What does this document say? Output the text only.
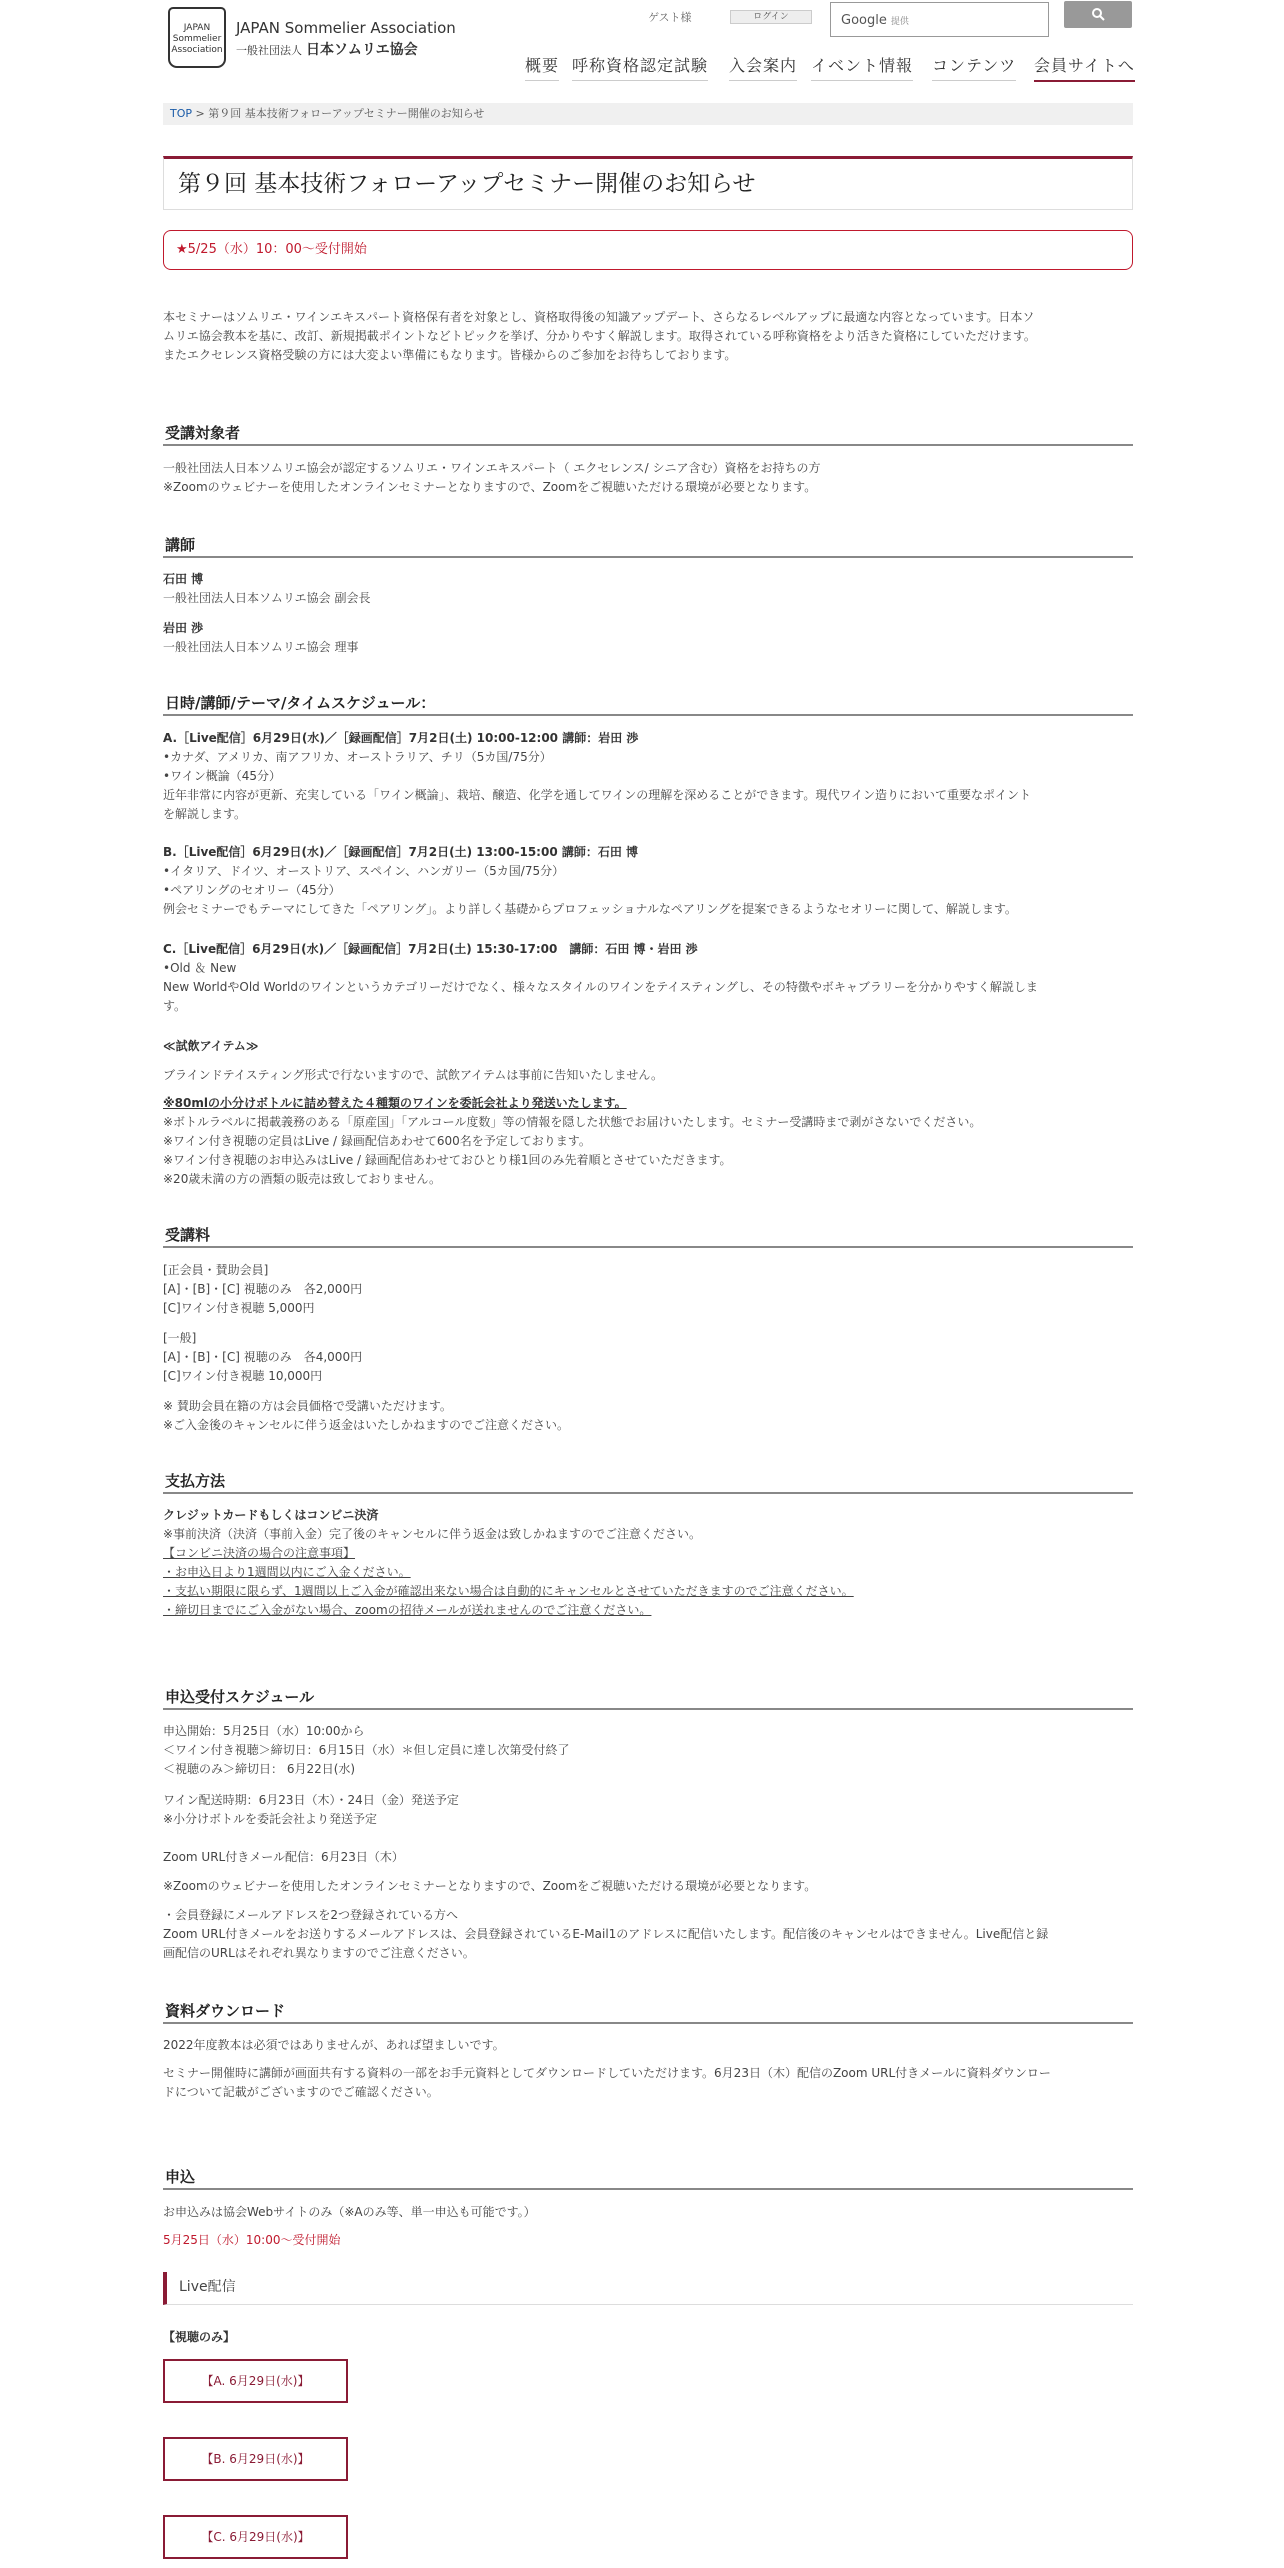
JAPAN
Sommelier
Association
JAPAN Sommelier Association
一般社団法人 日本ソムリエ協会
ゲスト様	ログイン	Google 提供
概要 呼称資格認定試験 入会案内 イベント情報 コンテンツ 会員サイトへ
TOP > 第９回 基本技術フォローアップセミナー開催のお知らせ
第９回 基本技術フォローアップセミナー開催のお知らせ
★5/25（水）10：00～受付開始
本セミナーはソムリエ・ワインエキスパート資格保有者を対象とし、資格取得後の知識アップデート、さらなるレベルアップに最適な内容となっています。日本ソ
ムリエ協会教本を基に、改訂、新規掲載ポイントなどトピックを挙げ、分かりやすく解説します。取得されている呼称資格をより活きた資格にしていただけます。
またエクセレンス資格受験の方には大変よい準備にもなります。皆様からのご参加をお待ちしております。
受講対象者
一般社団法人日本ソムリエ協会が認定するソムリエ・ワインエキスパート（ エクセレンス/ シニア含む）資格をお持ちの方
※Zoomのウェビナーを使用したオンラインセミナーとなりますので、Zoomをご視聴いただける環境が必要となります。
講師
石田 博
一般社団法人日本ソムリエ協会 副会長
岩田 渉
一般社団法人日本ソムリエ協会 理事
日時/講師/テーマ/タイムスケジュール：
A.［Live配信］6月29日(水)／［録画配信］7月2日(土) 10:00-12:00 講師：岩田 渉
•カナダ、アメリカ、南アフリカ、オーストラリア、チリ（5カ国/75分）
•ワイン概論（45分）
近年非常に内容が更新、充実している「ワイン概論」、栽培、醸造、化学を通してワインの理解を深めることができます。現代ワイン造りにおいて重要なポイント
を解説します。
B.［Live配信］6月29日(水)／［録画配信］7月2日(土) 13:00-15:00 講師：石田 博
•イタリア、ドイツ、オーストリア、スペイン、ハンガリー（5カ国/75分）
•ペアリングのセオリー（45分）
例会セミナーでもテーマにしてきた「ペアリング」。より詳しく基礎からプロフェッショナルなペアリングを提案できるようなセオリーに関して、解説します。
C.［Live配信］6月29日(水)／［録画配信］7月2日(土) 15:30-17:00　講師：石田 博・岩田 渉
•Old ＆ New
New WorldやOld Worldのワインというカテゴリーだけでなく、様々なスタイルのワインをテイスティングし、その特徴やボキャブラリーを分かりやすく解説しま
す。
≪試飲アイテム≫
ブラインドテイスティング形式で行ないますので、試飲アイテムは事前に告知いたしません。
※80mlの小分けボトルに詰め替えた４種類のワインを委託会社より発送いたします。
※ボトルラベルに掲載義務のある「原産国」「アルコール度数」等の情報を隠した状態でお届けいたします。セミナー受講時まで剥がさないでください。
※ワイン付き視聴の定員はLive / 録画配信あわせて600名を予定しております。
※ワイン付き視聴のお申込みはLive / 録画配信あわせておひとり様1回のみ先着順とさせていただきます。
※20歳未満の方の酒類の販売は致しておりません。
受講料
[正会員・賛助会員]
[A]・[B]・[C] 視聴のみ　各2,000円
[C]ワイン付き視聴 5,000円
[一般]
[A]・[B]・[C] 視聴のみ　各4,000円
[C]ワイン付き視聴 10,000円
※ 賛助会員在籍の方は会員価格で受講いただけます。
※ご入金後のキャンセルに伴う返金はいたしかねますのでご注意ください。
支払方法
クレジットカードもしくはコンビニ決済
※事前決済（決済（事前入金）完了後のキャンセルに伴う返金は致しかねますのでご注意ください。
【コンビニ決済の場合の注意事項】
・お申込日より1週間以内にご入金ください。
・支払い期限に限らず、1週間以上ご入金が確認出来ない場合は自動的にキャンセルとさせていただきますのでご注意ください。
・締切日までにご入金がない場合、zoomの招待メールが送れませんのでご注意ください。
申込受付スケジュール
申込開始：5月25日（水）10:00から
＜ワイン付き視聴＞締切日：6月15日（水）＊但し定員に達し次第受付終了
＜視聴のみ＞締切日： 6月22日(水)
ワイン配送時期：6月23日（木）・24日（金）発送予定
※小分けボトルを委託会社より発送予定
Zoom URL付きメール配信：6月23日（木）
※Zoomのウェビナーを使用したオンラインセミナーとなりますので、Zoomをご視聴いただける環境が必要となります。
・会員登録にメールアドレスを2つ登録されている方へ
Zoom URL付きメールをお送りするメールアドレスは、会員登録されているE-Mail1のアドレスに配信いたします。配信後のキャンセルはできません。Live配信と録
画配信のURLはそれぞれ異なりますのでご注意ください。
資料ダウンロード
2022年度教本は必須ではありませんが、あれば望ましいです。
セミナー開催時に講師が画面共有する資料の一部をお手元資料としてダウンロードしていただけます。6月23日（木）配信のZoom URL付きメールに資料ダウンロー
ドについて記載がございますのでご確認ください。
申込
お申込みは協会Webサイトのみ（※Aのみ等、単一申込も可能です。）
5月25日（水）10:00～受付開始
Live配信
【視聴のみ】
【A. 6月29日(水)】
【B. 6月29日(水)】
【C. 6月29日(水)】
